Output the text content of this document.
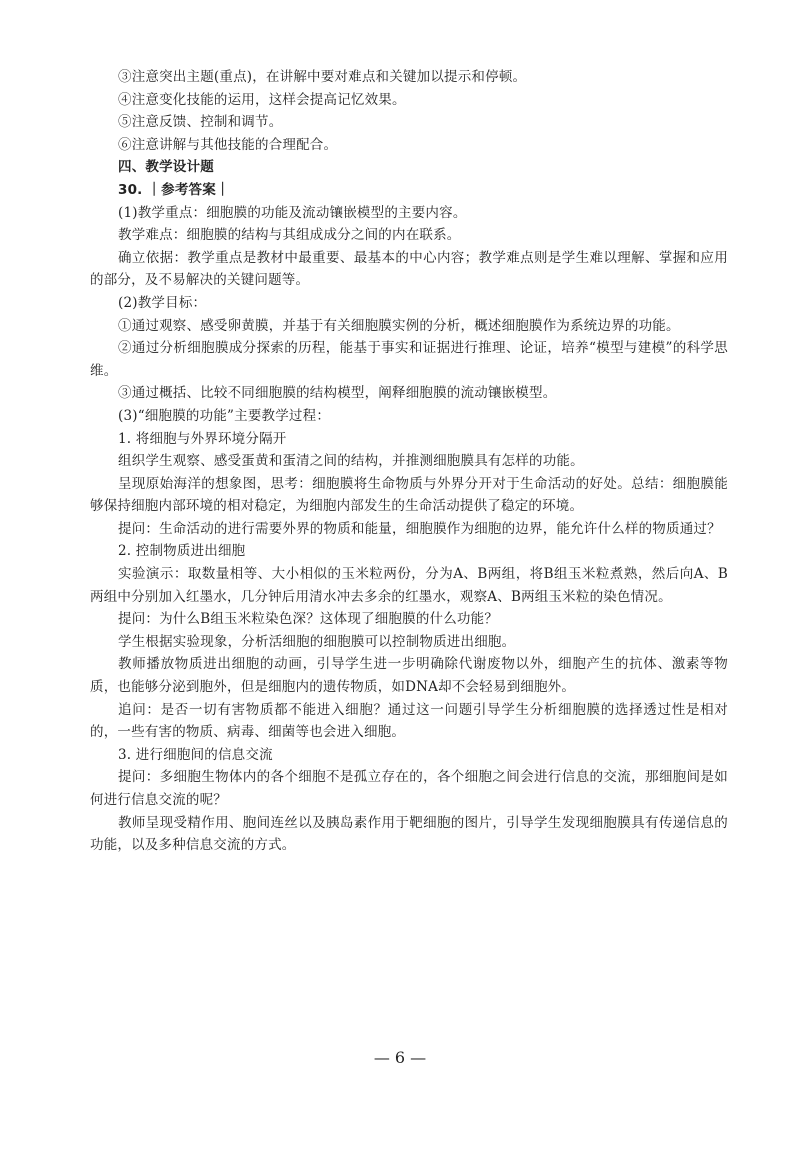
③注意突出主题(重点)，在讲解中要对难点和关键加以提示和停顿。

④注意变化技能的运用，这样会提高记忆效果。

⑤注意反馈、控制和调节。

⑥注意讲解与其他技能的合理配合。

四、教学设计题

30. ｜参考答案｜

(1)教学重点：细胞膜的功能及流动镶嵌模型的主要内容。

教学难点：细胞膜的结构与其组成成分之间的内在联系。

确立依据：教学重点是教材中最重要、最基本的中心内容；教学难点则是学生难以理解、掌握和应用的部分，及不易解决的关键问题等。

(2)教学目标：

①通过观察、感受卵黄膜，并基于有关细胞膜实例的分析，概述细胞膜作为系统边界的功能。

②通过分析细胞膜成分探索的历程，能基于事实和证据进行推理、论证，培养“模型与建模”的科学思维。

③通过概括、比较不同细胞膜的结构模型，阐释细胞膜的流动镶嵌模型。

(3)“细胞膜的功能”主要教学过程：

1. 将细胞与外界环境分隔开

组织学生观察、感受蛋黄和蛋清之间的结构，并推测细胞膜具有怎样的功能。

呈现原始海洋的想象图，思考：细胞膜将生命物质与外界分开对于生命活动的好处。总结：细胞膜能够保持细胞内部环境的相对稳定，为细胞内部发生的生命活动提供了稳定的环境。

提问：生命活动的进行需要外界的物质和能量，细胞膜作为细胞的边界，能允许什么样的物质通过？

2. 控制物质进出细胞

实验演示：取数量相等、大小相似的玉米粒两份，分为A、B两组，将B组玉米粒煮熟，然后向A、B两组中分别加入红墨水，几分钟后用清水冲去多余的红墨水，观察A、B两组玉米粒的染色情况。

提问：为什么B组玉米粒染色深？这体现了细胞膜的什么功能？

学生根据实验现象，分析活细胞的细胞膜可以控制物质进出细胞。

教师播放物质进出细胞的动画，引导学生进一步明确除代谢废物以外，细胞产生的抗体、激素等物质，也能够分泌到胞外，但是细胞内的遗传物质，如DNA却不会轻易到细胞外。

追问：是否一切有害物质都不能进入细胞？通过这一问题引导学生分析细胞膜的选择透过性是相对的，一些有害的物质、病毒、细菌等也会进入细胞。

3. 进行细胞间的信息交流

提问：多细胞生物体内的各个细胞不是孤立存在的，各个细胞之间会进行信息的交流，那细胞间是如何进行信息交流的呢？

教师呈现受精作用、胞间连丝以及胰岛素作用于靶细胞的图片，引导学生发现细胞膜具有传递信息的功能，以及多种信息交流的方式。

— 6 —
